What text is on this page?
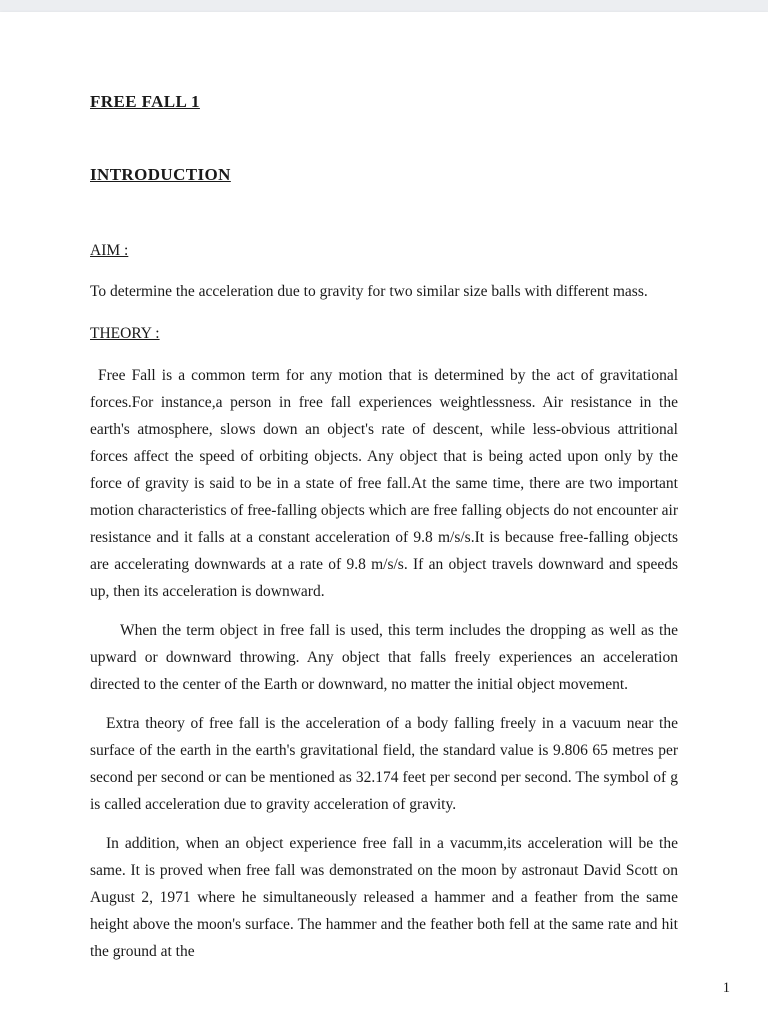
FREE FALL 1
INTRODUCTION
AIM :

To determine the acceleration due to gravity for two similar size balls with different mass.

THEORY :

Free Fall is a common term for any motion that is determined by the act of gravitational forces.For instance,a person in free fall experiences weightlessness. Air resistance in the earth's atmosphere, slows down an object's rate of descent, while less-obvious attritional forces affect the speed of orbiting objects. Any object that is being acted upon only by the force of gravity is said to be in a state of free fall.At the same time, there are two important motion characteristics of free-falling objects which are free falling objects do not encounter air resistance and it falls at a constant acceleration of 9.8 m/s/s.It is because free-falling objects are accelerating downwards at a rate of 9.8 m/s/s. If an object travels downward and speeds up, then its acceleration is downward.

When the term object in free fall is used, this term includes the dropping as well as the upward or downward throwing. Any object that falls freely experiences an acceleration directed to the center of the Earth or downward, no matter the initial object movement.

Extra theory of free fall is the acceleration of a body falling freely in a vacuum near the surface of the earth in the earth's gravitational field, the standard value is 9.806 65 metres per second per second or can be mentioned as 32.174 feet per second per second. The symbol of g is called acceleration due to gravity acceleration of gravity.

In addition, when an object experience free fall in a vacumm,its acceleration will be the same. It is proved when free fall was demonstrated on the moon by astronaut David Scott on August 2, 1971 where he simultaneously released a hammer and a feather from the same height above the moon's surface. The hammer and the feather both fell at the same rate and hit the ground at the

1
